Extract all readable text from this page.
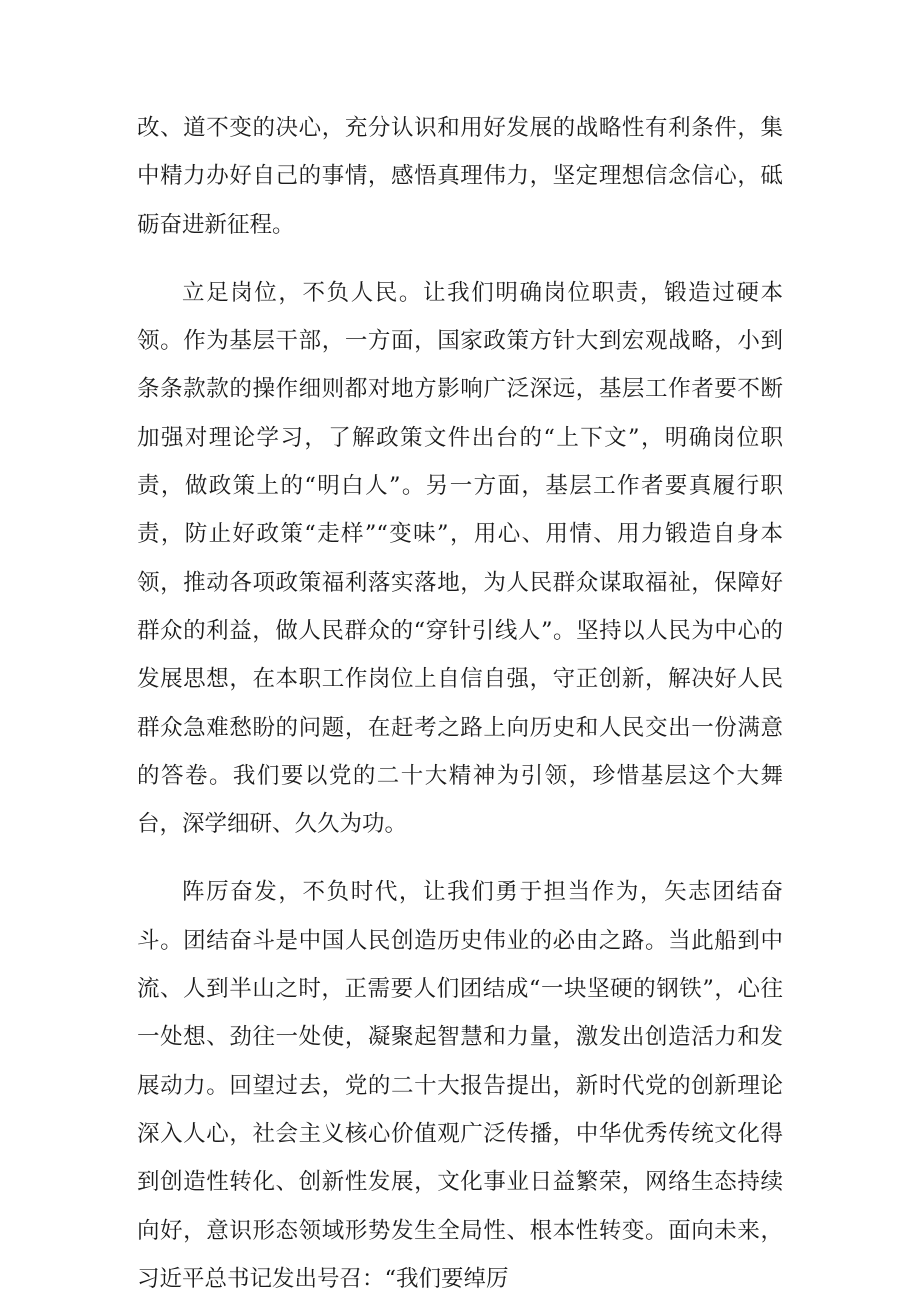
改、道不变的决心，充分认识和用好发展的战略性有利条件，集中精力办好自己的事情，感悟真理伟力，坚定理想信念信心，砥砺奋进新征程。

立足岗位，不负人民。让我们明确岗位职责，锻造过硬本领。作为基层干部，一方面，国家政策方针大到宏观战略，小到条条款款的操作细则都对地方影响广泛深远，基层工作者要不断加强对理论学习，了解政策文件出台的“上下文”，明确岗位职责，做政策上的“明白人”。另一方面，基层工作者要真履行职责，防止好政策“走样”“变味”，用心、用情、用力锻造自身本领，推动各项政策福利落实落地，为人民群众谋取福祉，保障好群众的利益，做人民群众的“穿针引线人”。坚持以人民为中心的发展思想，在本职工作岗位上自信自强，守正创新，解决好人民群众急难愁盼的问题，在赶考之路上向历史和人民交出一份满意的答卷。我们要以党的二十大精神为引领，珍惜基层这个大舞台，深学细研、久久为功。

阵厉奋发，不负时代，让我们勇于担当作为，矢志团结奋斗。团结奋斗是中国人民创造历史伟业的必由之路。当此船到中流、人到半山之时，正需要人们团结成“一块坚硬的钢铁”，心往一处想、劲往一处使，凝聚起智慧和力量，激发出创造活力和发展动力。回望过去，党的二十大报告提出，新时代党的创新理论深入人心，社会主义核心价值观广泛传播，中华优秀传统文化得到创造性转化、创新性发展，文化事业日益繁荣，网络生态持续向好，意识形态领域形势发生全局性、根本性转变。面向未来，习近平总书记发出号召：“我们要绰厉
